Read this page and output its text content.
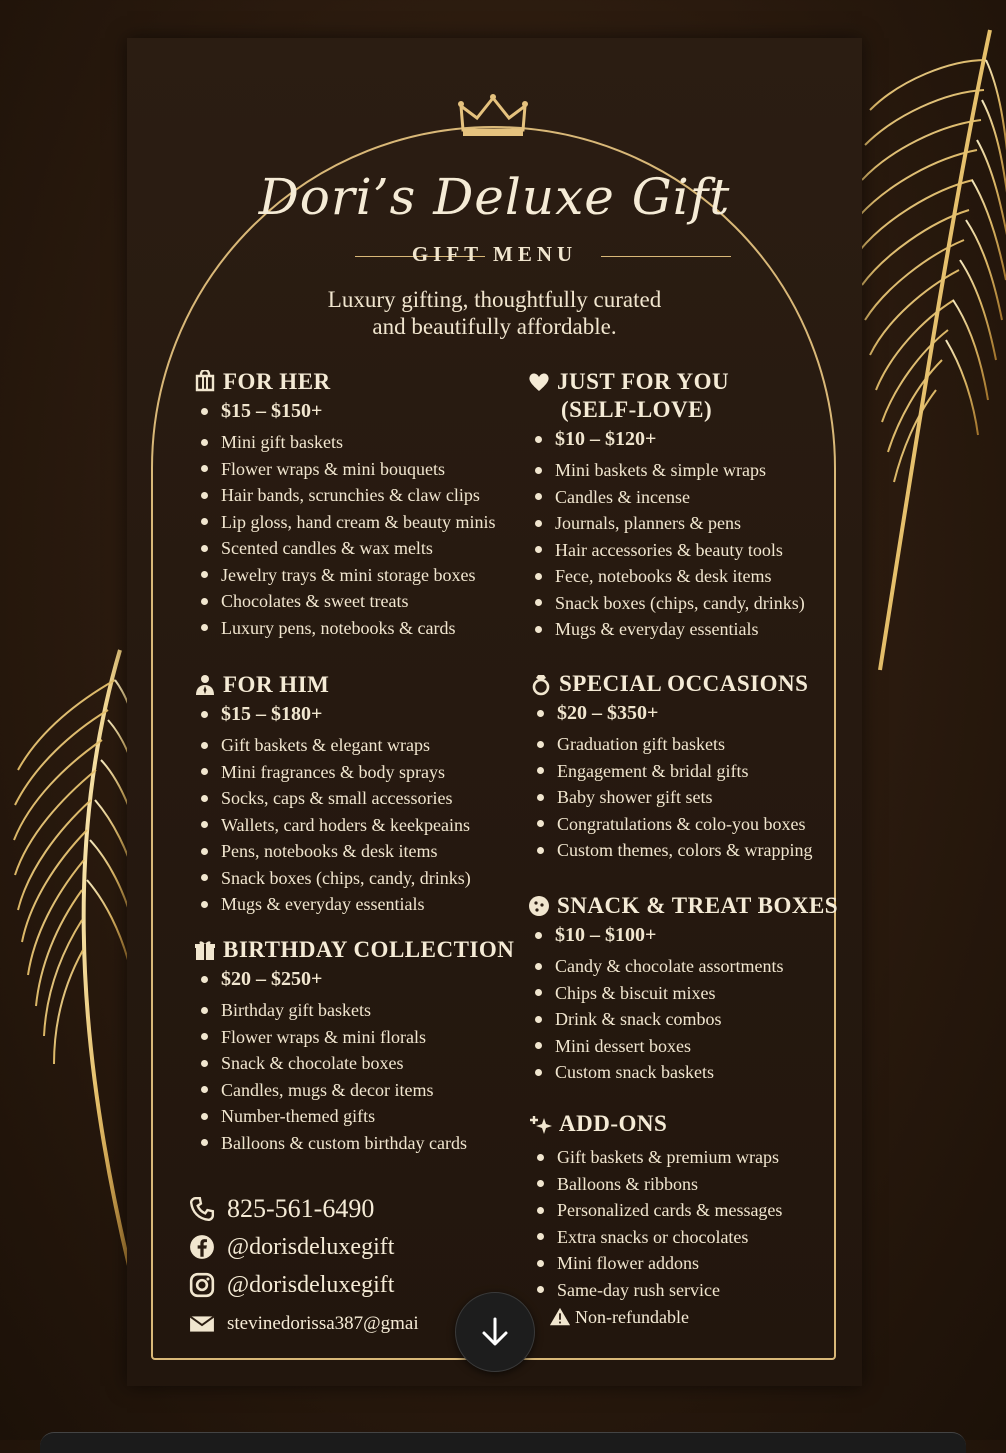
Dori’s Deluxe Gift
GIFT MENU
Luxury gifting, thoughtfully curated
and beautifully affordable.
FOR HER
$15 – $150+
Mini gift baskets
Flower wraps & mini bouquets
Hair bands, scrunchies & claw clips
Lip gloss, hand cream & beauty minis
Scented candles & wax melts
Jewelry trays & mini storage boxes
Chocolates & sweet treats
Luxury pens, notebooks & cards
JUST FOR YOU
(SELF-LOVE)
$10 – $120+
Mini baskets & simple wraps
Candles & incense
Journals, planners & pens
Hair accessories & beauty tools
Fece, notebooks & desk items
Snack boxes (chips, candy, drinks)
Mugs & everyday essentials
FOR HIM
$15 – $180+
Gift baskets & elegant wraps
Mini fragrances & body sprays
Socks, caps & small accessories
Wallets, card hoders & keekpeains
Pens, notebooks & desk items
Snack boxes (chips, candy, drinks)
Mugs & everyday essentials
SPECIAL OCCASIONS
$20 – $350+
Graduation gift baskets
Engagement & bridal gifts
Baby shower gift sets
Congratulations & colo-you boxes
Custom themes, colors & wrapping
BIRTHDAY COLLECTION
$20 – $250+
Birthday gift baskets
Flower wraps & mini florals
Snack & chocolate boxes
Candles, mugs & decor items
Number-themed gifts
Balloons & custom birthday cards
SNACK & TREAT BOXES
$10 – $100+
Candy & chocolate assortments
Chips & biscuit mixes
Drink & snack combos
Mini dessert boxes
Custom snack baskets
ADD-ONS
Gift baskets & premium wraps
Balloons & ribbons
Personalized cards & messages
Extra snacks or chocolates
Mini flower addons
Same-day rush service
Non-refundable
825-561-6490
@dorisdeluxegift
@dorisdeluxegift
stevinedorissa387@gmai
